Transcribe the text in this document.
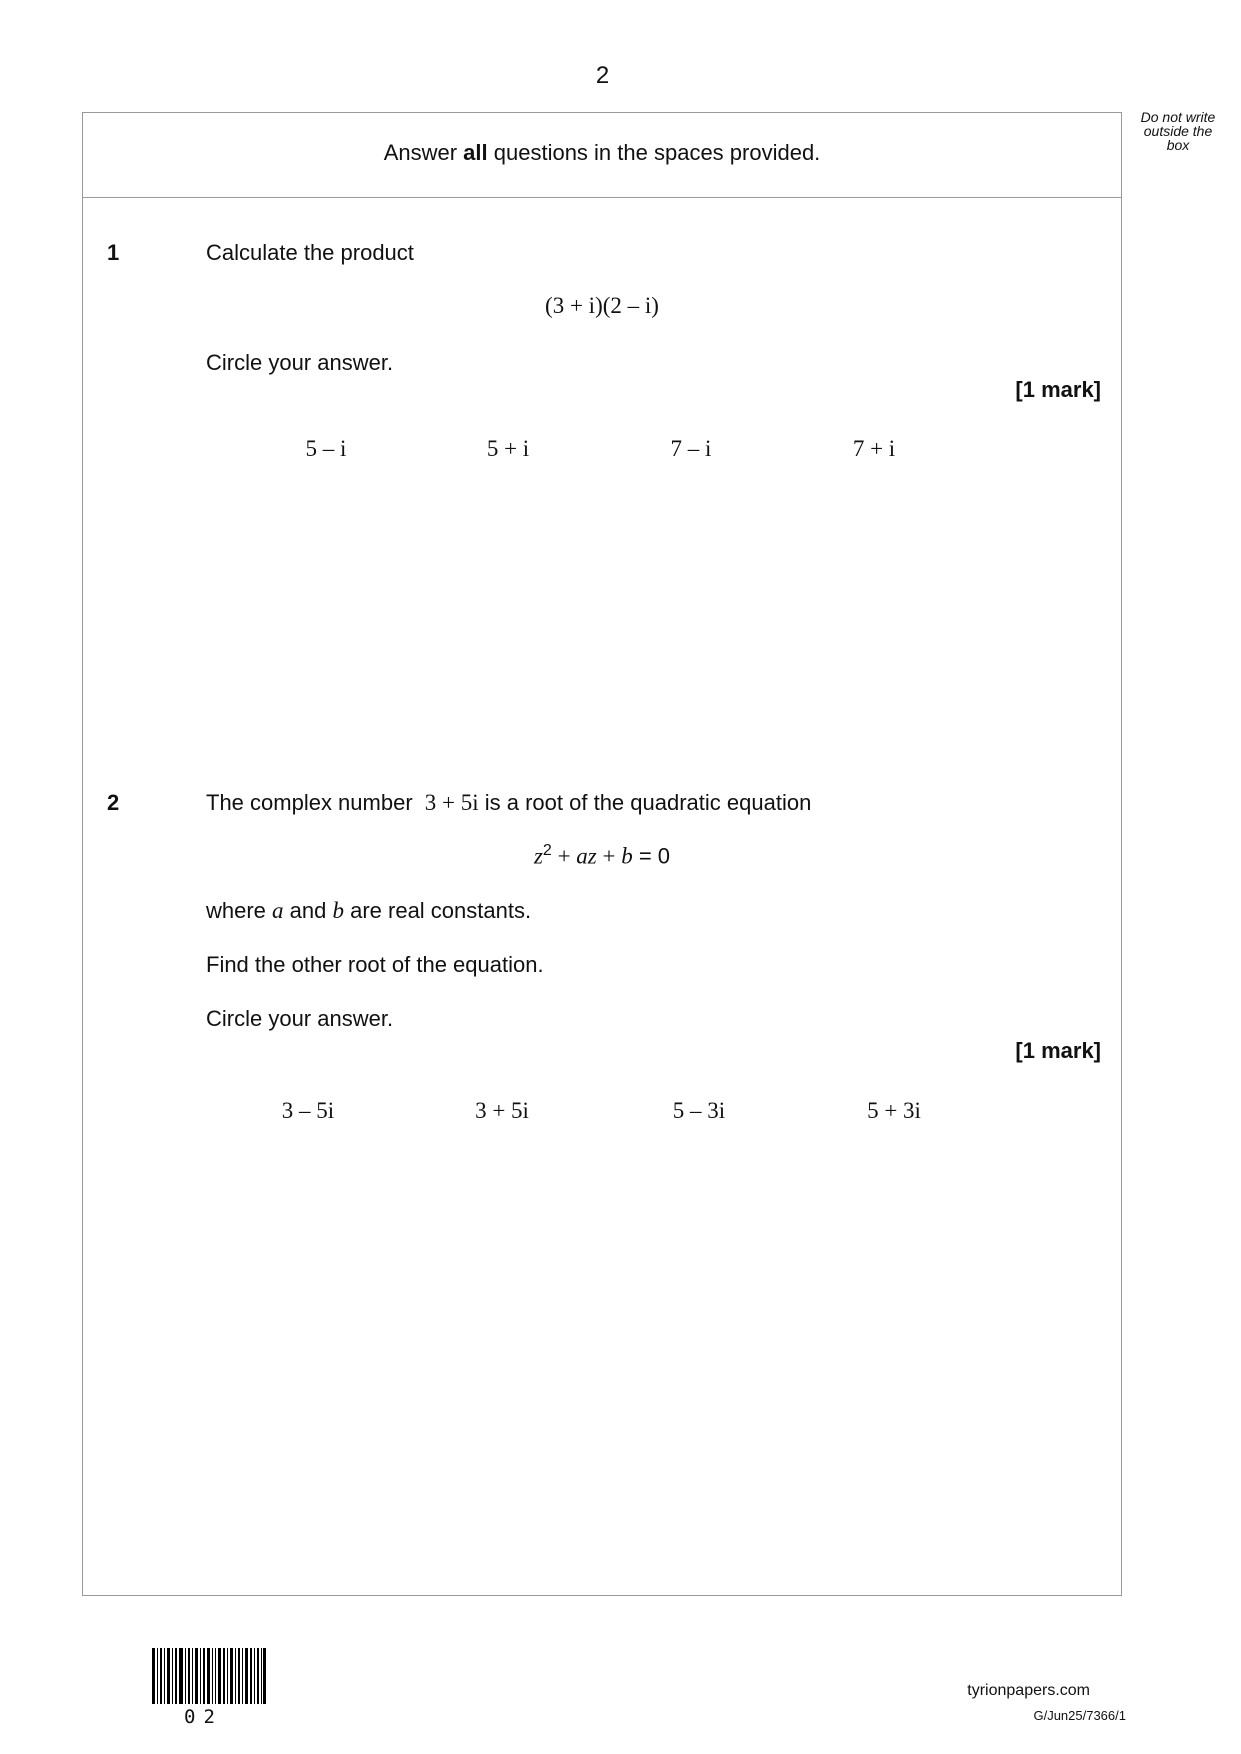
2
Do not write
outside the
box
Answer all questions in the spaces provided.
1	Calculate the product
(3 + i)(2 – i)
Circle your answer.
[1 mark]
5 – i	5 + i	7 – i	7 + i
2	The complex number 3 + 5i is a root of the quadratic equation
$z^2$ + az + b = 0
where a and b are real constants.
Find the other root of the equation.
Circle your answer.
[1 mark]
3 – 5i	3 + 5i	5 – 3i	5 + 3i
02
tyrionpapers.com
G/Jun25/7366/1
